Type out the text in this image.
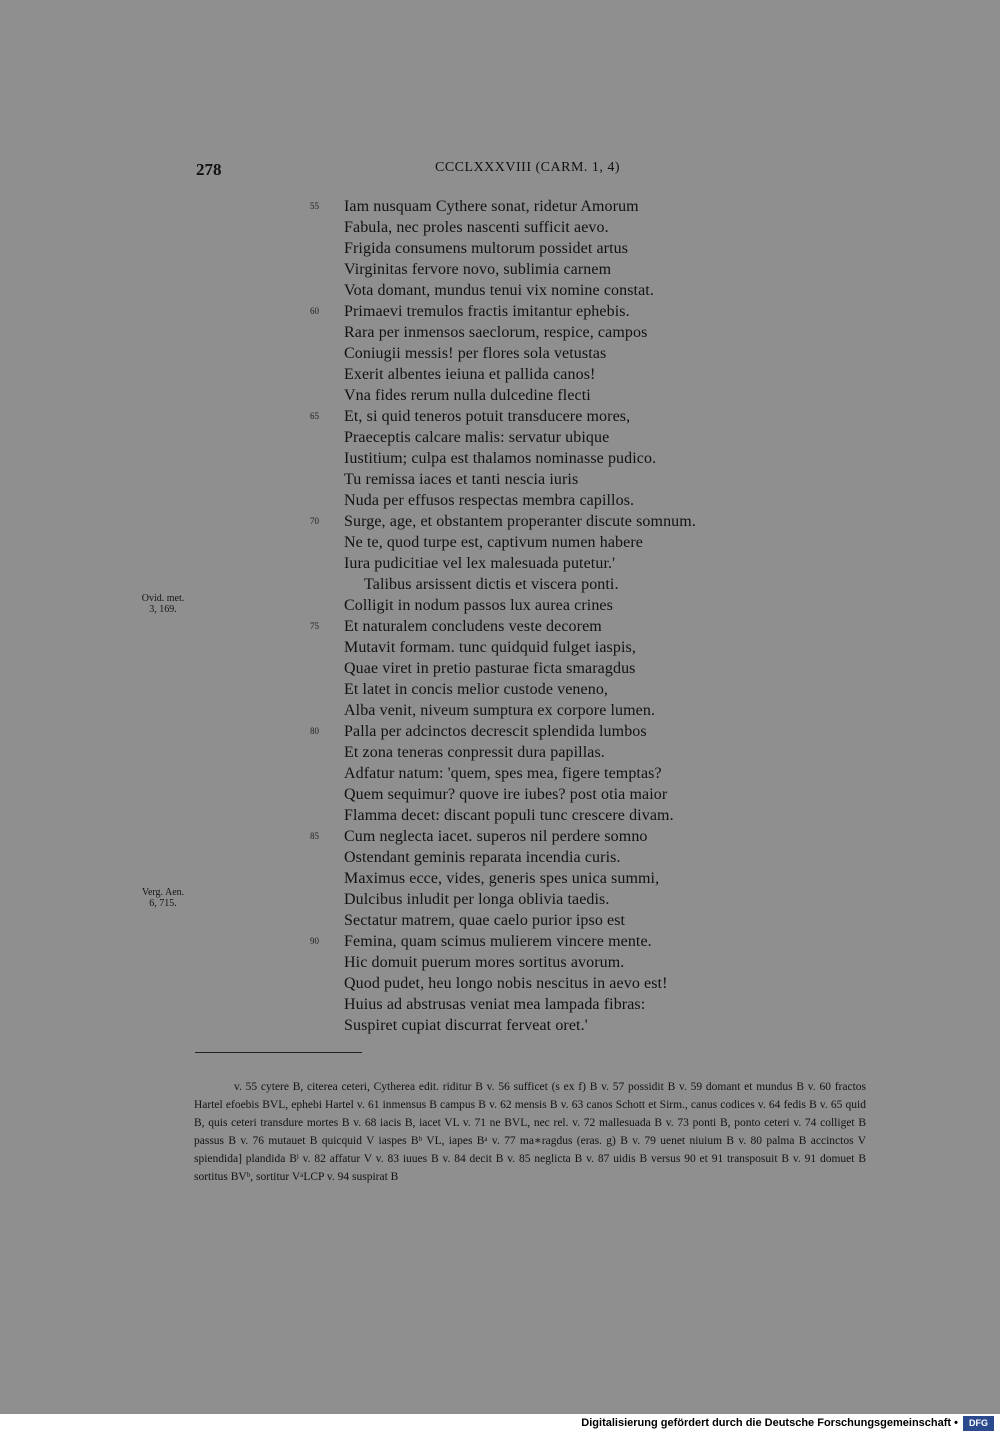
278	CCCLXXXVIII (CARM. 1, 4)
55 Iam nusquam Cythere sonat, ridetur Amorum
Fabula, nec proles nascenti sufficit aevo.
Frigida consumens multorum possidet artus
Virginitas fervore novo, sublimia carnem
Vota domant, mundus tenui vix nomine constat.
60 Primaevi tremulos fractis imitantur ephebis.
Rara per inmensos saeclorum, respice, campos
Coniugii messis! per flores sola vetustas
Exerit albentes ieiuna et pallida canos!
Vna fides rerum nulla dulcedine flecti
65 Et, si quid teneros potuit transducere mores,
Praeceptis calcare malis: servatur ubique
Iustitium; culpa est thalamos nominasse pudico.
Tu remissa iaces et tanti nescia iuris
Nuda per effusos respectas membra capillos.
70 Surge, age, et obstantem properanter discute somnum.
Ne te, quod turpe est, captivum numen habere
Iura pudicitiae vel lex malesuada putetur.'
Talibus arsissent dictis et viscera ponti.
Colligit in nodum passos lux aurea crines
75 Et naturalem concludens veste decorem
Mutavit formam. tunc quidquid fulget iaspis,
Quae viret in pretio pasturae ficta smaragdus
Et latet in concis melior custode veneno,
Alba venit, niveum sumptura ex corpore lumen.
80 Palla per adcinctos decrescit splendida lumbos
Et zona teneras conpressit dura papillas.
Adfatur natum: 'quem, spes mea, figere temptas?
Quem sequimur? quove ire iubes? post otia maior
Flamma decet: discant populi tunc crescere divam.
85 Cum neglecta iacet. superos nil perdere somno
Ostendant geminis reparata incendia curis.
Maximus ecce, vides, generis spes unica summi,
Dulcibus inludit per longa oblivia taedis.
Sectatur matrem, quae caelo purior ipso est
90 Femina, quam scimus mulierem vincere mente.
Hic domuit puerum mores sortitus avorum.
Quod pudet, heu longo nobis nescitus in aevo est!
Huius ad abstrusas veniat mea lampada fibras:
Suspiret cupiat discurrat ferveat oret.'
Ovid. met.
3, 169.
Verg. Aen.
6, 715.

v. 55 cytere B, citerea ceteri, Cytherea edit. riditur B v. 56 sufficet (s ex f) B v. 57 possidit B v. 59 domant et mundus B v. 60 fractos Hartel efoebis BVL, ephebi Hartel v. 61 inmensus B campus B v. 62 mensis B v. 63 canos Schott et Sirm., canus codices v. 64 fedis B v. 65 quid B, quis ceteri transdure mortes B v. 68 iacis B, iacet VL v. 71 ne BVL, nec rel. v. 72 mallesuada B v. 73 ponti B, ponto ceteri v. 74 colliget B passus B v. 76 mutauet B quicquid V iaspes Bᵇ VL, iapes Bᵃ v. 77 ma∗ragdus (eras. g) B v. 79 uenet niuium B v. 80 palma B accinctos V spiendida] plandida Bˡ v. 82 affatur V v. 83 iuues B v. 84 decit B v. 85 neglicta B v. 87 uidis B versus 90 et 91 transposuit B v. 91 domuet B sortitus BVᵇ, sortitur VᵃLCP v. 94 suspirat B

Digitalisierung gefördert durch die Deutsche Forschungsgemeinschaft •	DFG
